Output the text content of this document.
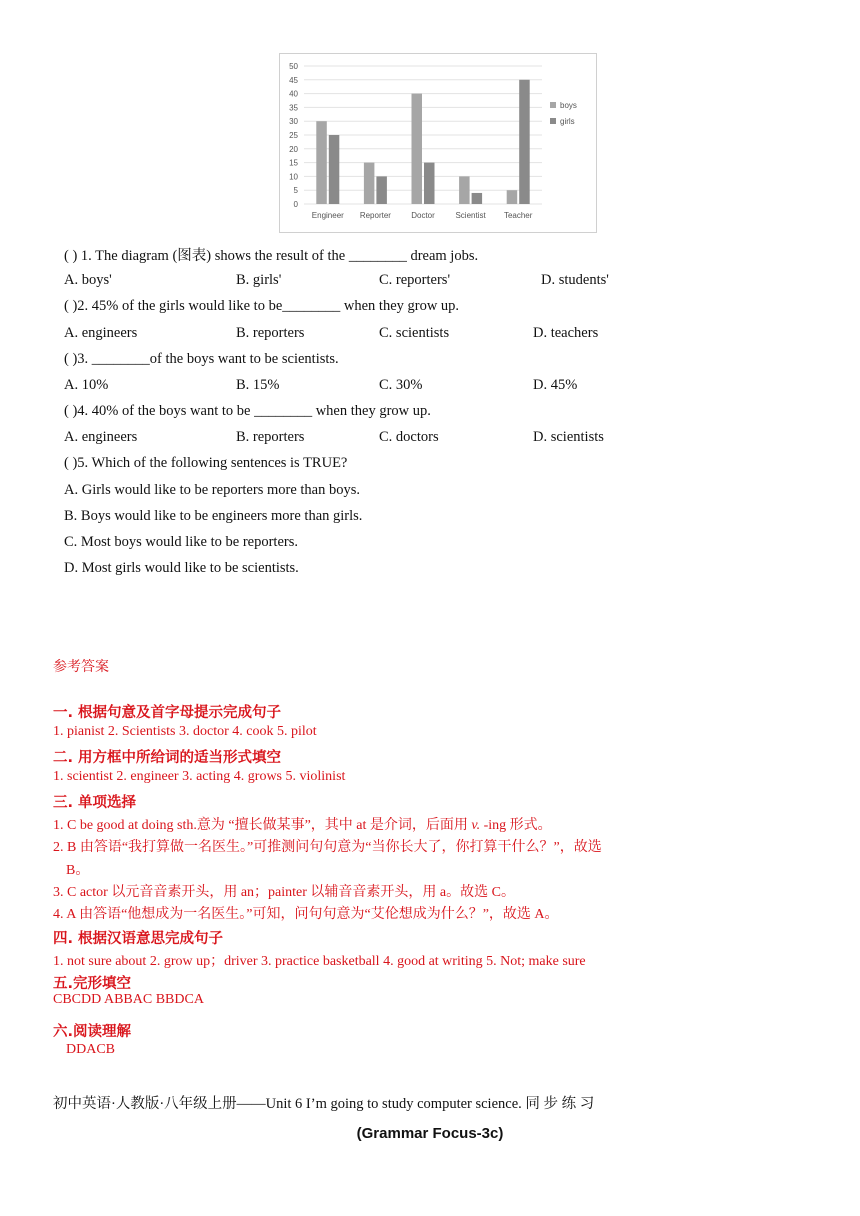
0
5
10
15
20
25
30
35
40
45
50
Engineer Reporter	Doctor	Scientist Teacher
boys
girls
( ) 1. The diagram (图表) shows the result of the ________ dream jobs.
A. boys'	B. girls'	C. reporters'	D. students'
( )2. 45% of the girls would like to be________ when they grow up.
A. engineers	B. reporters	C. scientists	D. teachers
( )3. ________of the boys want to be scientists.
A. 10%	B. 15%	C. 30%	D. 45%
( )4. 40% of the boys want to be ________ when they grow up.
A. engineers	B. reporters	C. doctors	D. scientists
( )5. Which of the following sentences is TRUE?
A. Girls would like to be reporters more than boys.
B. Boys would like to be engineers more than girls.
C. Most boys would like to be reporters.
D. Most girls would like to be scientists.
参考答案
一. 根据句意及首字母提示完成句子
1. pianist 2. Scientists 3. doctor 4. cook 5. pilot
二. 用方框中所给词的适当形式填空
1. scientist 2. engineer 3. acting 4. grows 5. violinist
三. 单项选择
1. C be good at doing sth.意为 “擅长做某事”，其中 at 是介词，后面用 v. -ing 形式。
2. B 由答语“我打算做一名医生。”可推测问句句意为“当你长大了，你打算干什么？”，故选
B。
3. C actor 以元音音素开头，用 an；painter 以辅音音素开头，用 a。故选 C。
4. A 由答语“他想成为一名医生。”可知，问句句意为“艾伦想成为什么？”，故选 A。
四. 根据汉语意思完成句子
1. not sure about 2. grow up；driver 3. practice basketball 4. good at writing 5. Not; make sure
五.完形填空
CBCDD ABBAC BBDCA
六.阅读理解
DDACB
初中英语·人教版·八年级上册——Unit 6 I’m going to study computer science. 同 步 练 习
(Grammar Focus-3c)
